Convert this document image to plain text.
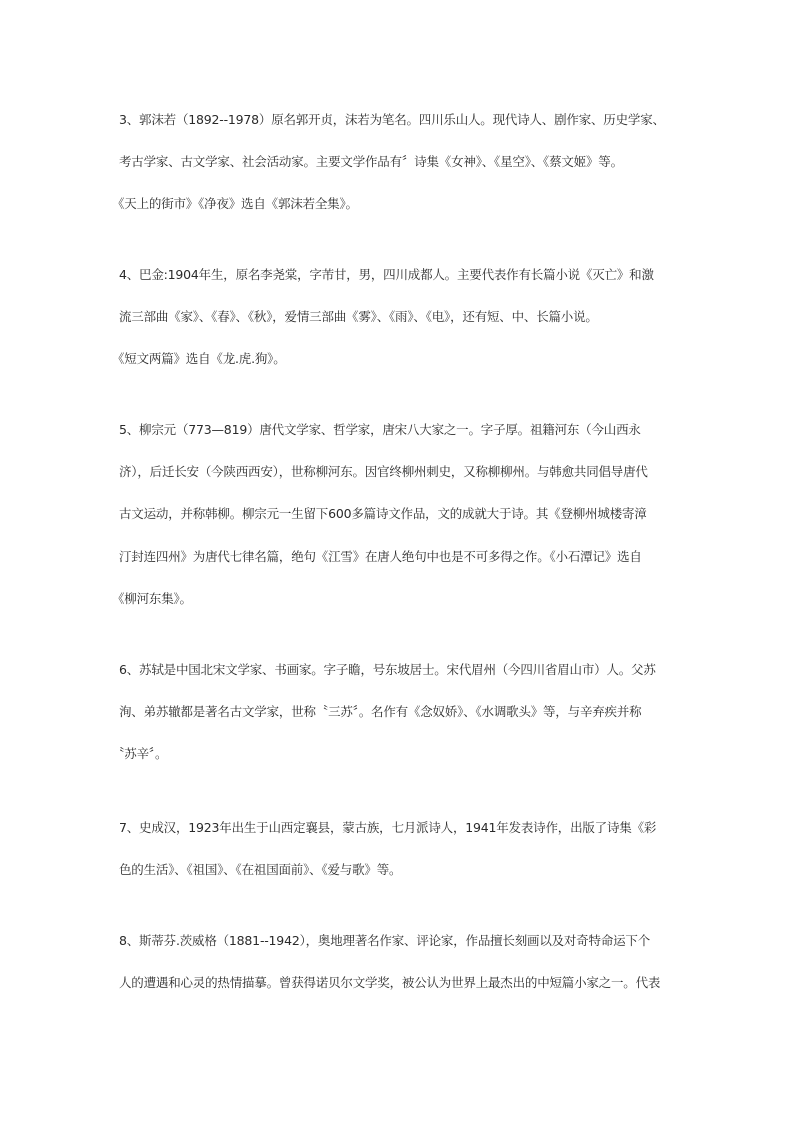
3、郭沫若（1892--1978）原名郭开贞，沫若为笔名。四川乐山人。现代诗人、剧作家、历史学家、
考古学家、古文学家、社会活动家。主要文学作品有〞诗集《女神》、《星空》、《蔡文姬》等。
《天上的街市》《净夜》选自《郭沫若全集》。
4、巴金:1904年生，原名李尧棠，字芾甘，男，四川成都人。主要代表作有长篇小说《灭亡》和激
流三部曲《家》、《春》、《秋》，爱情三部曲《雾》、《雨》、《电》，还有短、中、长篇小说。
《短文两篇》选自《龙.虎.狗》。
5、柳宗元（773—819）唐代文学家、哲学家，唐宋八大家之一。字子厚。祖籍河东（今山西永
济），后迁长安（今陕西西安），世称柳河东。因官终柳州刺史，又称柳柳州。与韩愈共同倡导唐代
古文运动，并称韩柳。柳宗元一生留下600多篇诗文作品，文的成就大于诗。其《登柳州城楼寄漳
汀封连四州》为唐代七律名篇，绝句《江雪》在唐人绝句中也是不可多得之作。《小石潭记》选自
《柳河东集》。
6、苏轼是中国北宋文学家、书画家。字子瞻，号东坡居士。宋代眉州（今四川省眉山市）人。父苏
洵、弟苏辙都是著名古文学家，世称〝三苏〞。名作有《念奴娇》、《水调歌头》等，与辛弃疾并称
〝苏辛〞。
7、史成汉，1923年出生于山西定襄县，蒙古族，七月派诗人，1941年发表诗作，出版了诗集《彩
色的生活》、《祖国》、《在祖国面前》、《爱与歌》等。
8、斯蒂芬.茨威格（1881--1942），奥地理著名作家、评论家，作品擅长刻画以及对奇特命运下个
人的遭遇和心灵的热情描摹。曾获得诺贝尔文学奖，被公认为世界上最杰出的中短篇小家之一。代表
